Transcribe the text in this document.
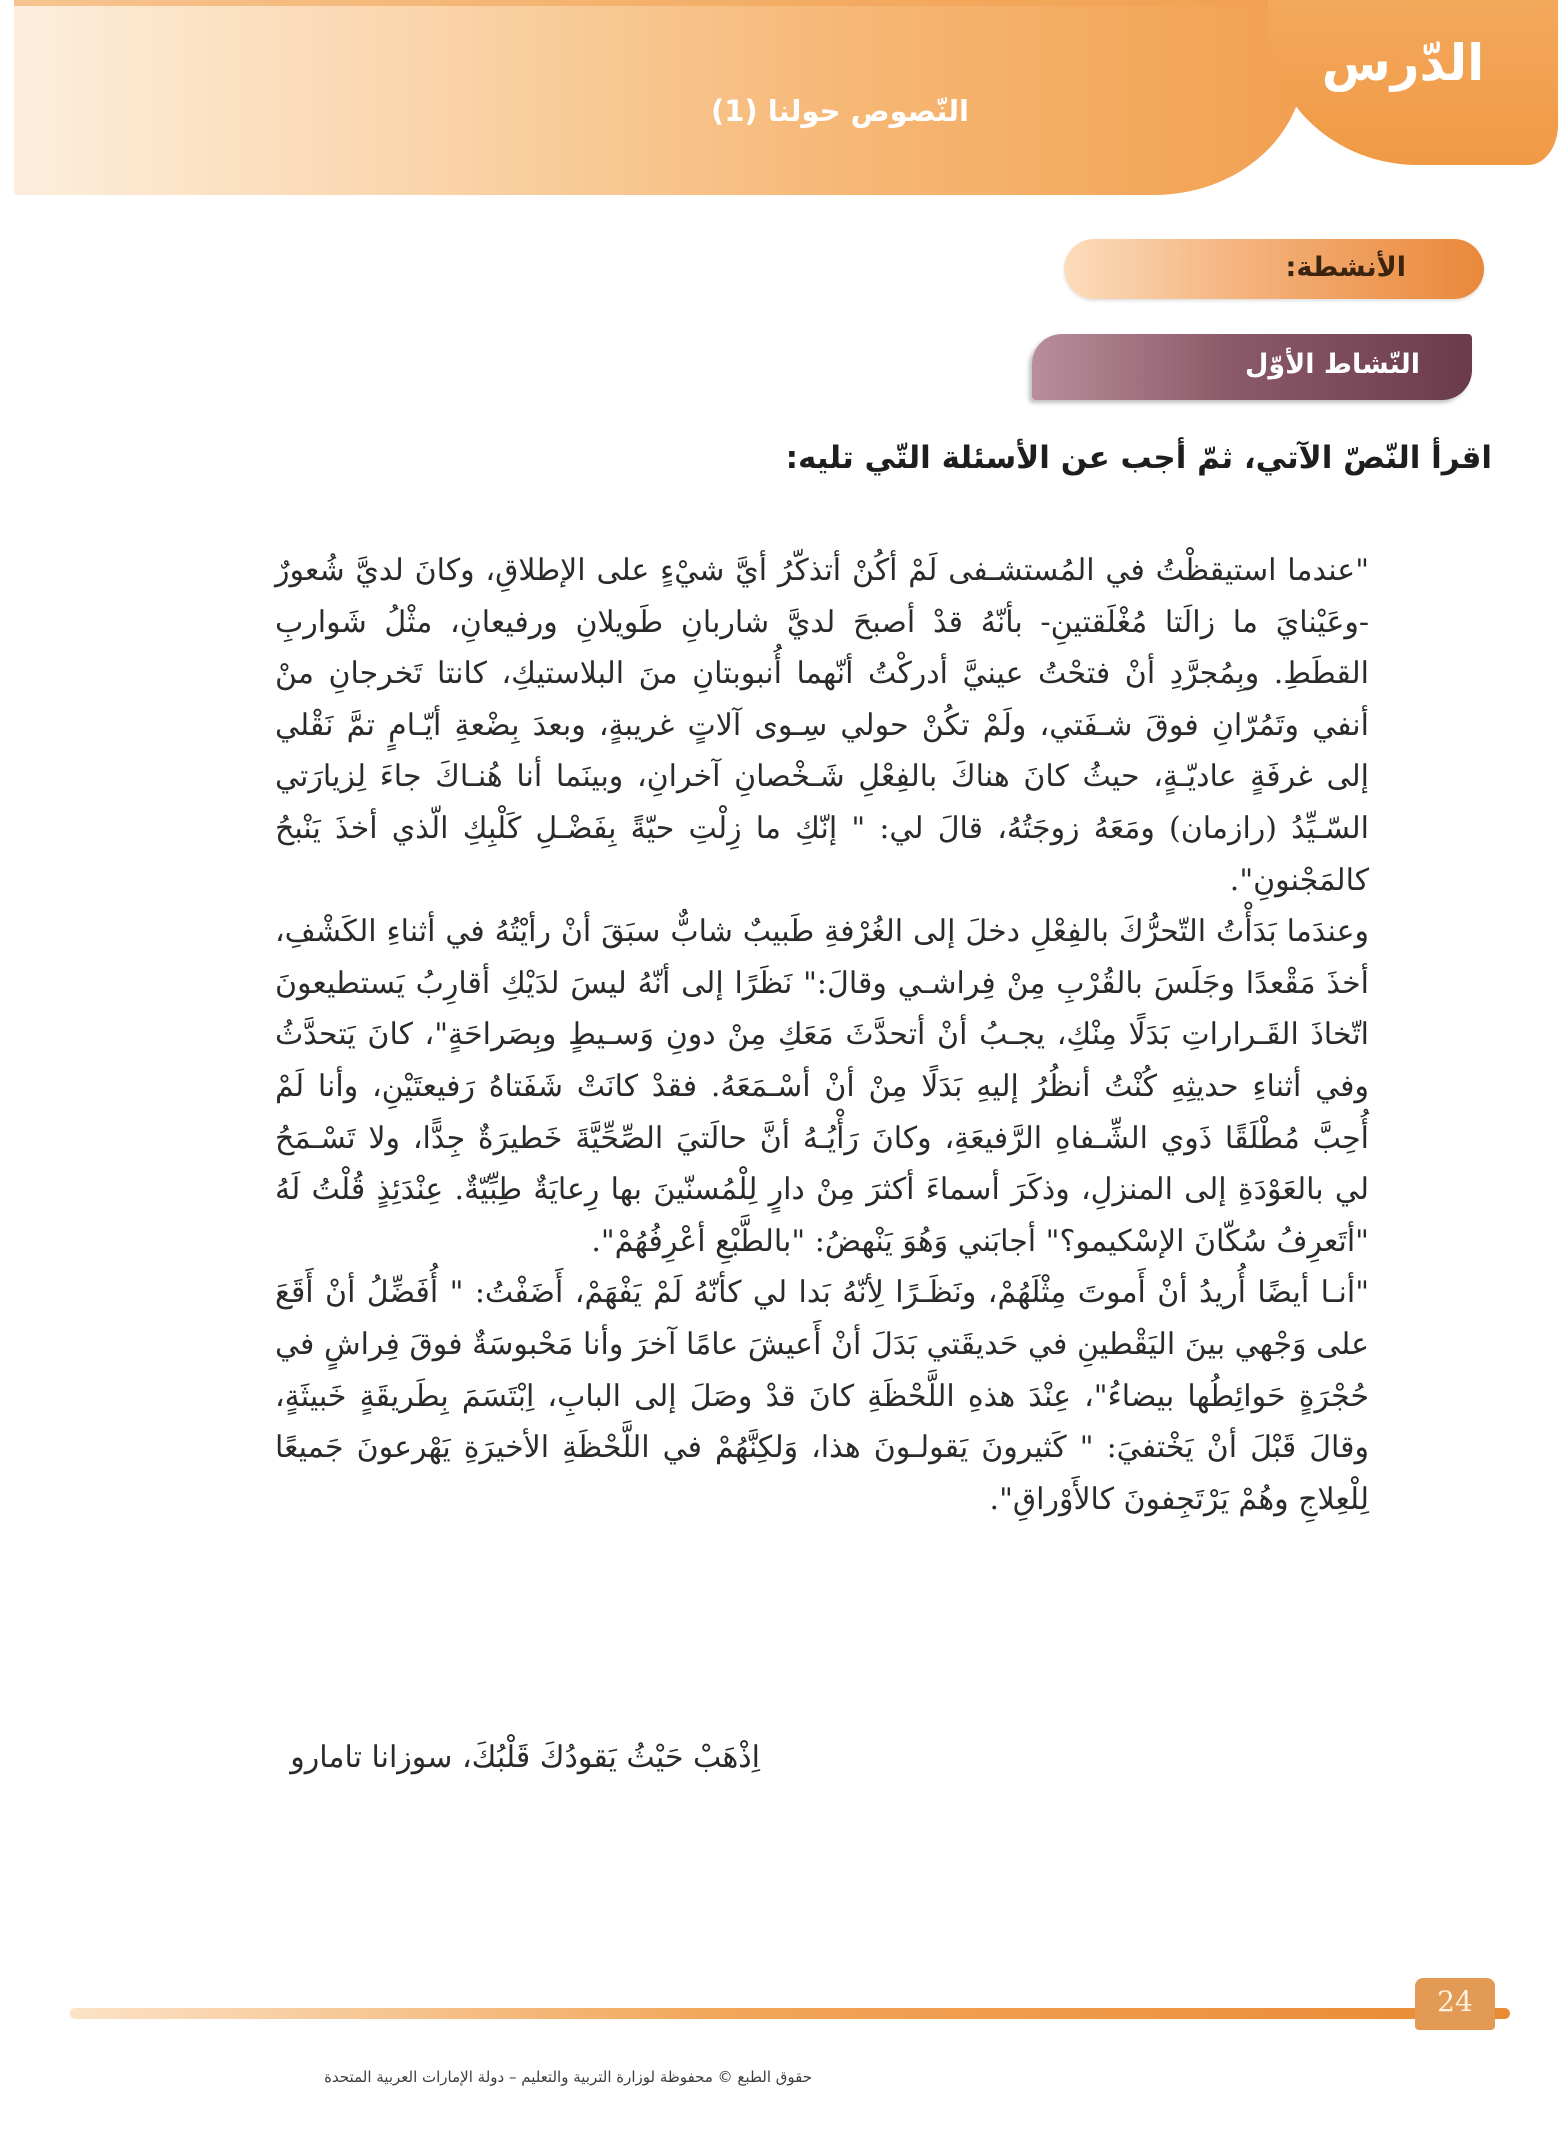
الدّرس
النّصوص حولنا (1)
الأنشطة:
النّشاط الأوّل
اقرأ النّصّ الآتي، ثمّ أجب عن الأسئلة التّي تليه:

"عندما استيقظْتُ في المُستشـفى لَمْ أكُنْ أتذكّرُ أيَّ شيْءٍ على الإطلاقِ، وكانَ لديَّ شُعورٌ -وعَيْنايَ ما زالَتا مُغْلَقتينِ- بأنّهُ قدْ أصبحَ لديَّ شاربانِ طَويلانِ ورفيعانِ، مثْلُ شَواربِ القطَطِ. وبِمُجرَّدِ أنْ فتحْتُ عينيَّ أدركْتُ أنّهما أُنبوبتانِ منَ البلاستيكِ، كانتا تَخرجانِ منْ أنفي وتَمُرّانِ فوقَ شـفَتي، ولَمْ تكُنْ حولي سِـوى آلاتٍ غريبةٍ، وبعدَ بِضْعةِ أيّـامٍ تمَّ نَقْلي إلى غرفَةٍ عاديّـةٍ، حيثُ كانَ هناكَ بالفِعْلِ شَـخْصانِ آخرانِ، وبينَما أنا هُنـاكَ جاءَ لِزيارَتي السّـيِّدُ (رازمان) ومَعَهُ زوجَتُهُ، قالَ لي: " إنّكِ ما زِلْتِ حيّةً بِفَضْـلِ كَلْبِكِ الّذي أخذَ يَنْبحُ كالمَجْنونِ".

وعندَما بَدَأْتُ التّحرُّكَ بالفِعْلِ دخلَ إلى الغُرْفةِ طَبيبٌ شابٌّ سبَقَ أنْ رأيْتُهُ في أثناءِ الكَشْفِ، أخذَ مَقْعدًا وجَلَسَ بالقُرْبِ مِنْ فِراشـي وقالَ:" نَظَرًا إلى أنّهُ ليسَ لدَيْكِ أقارِبُ يَستطيعونَ اتّخاذَ القَـراراتِ بَدَلًا مِنْكِ، يجـبُ أنْ أتحدَّثَ مَعَكِ مِنْ دونِ وَسـيطٍ وبِصَراحَةٍ"، كانَ يَتحدَّثُ وفي أثناءِ حديثِهِ كُنْتُ أنظُرُ إليهِ بَدَلًا مِنْ أنْ أسْـمَعَهُ. فقدْ كانَتْ شَفَتاهُ رَفيعتَيْنِ، وأنا لَمْ أُحِبَّ مُطْلَقًا ذَوي الشِّـفاهِ الرَّفيعَةِ، وكانَ رَأْيُـهُ أنَّ حالَتيَ الصِّحِّيَّةَ خَطيرَةٌ جِدًّا، ولا تَسْـمَحُ لي بالعَوْدَةِ إلى المنزلِ، وذكَرَ أسماءَ أكثرَ مِنْ دارٍ لِلْمُسنّينَ بها رِعايَةٌ طِبِّيّةٌ. عِنْدَئِذٍ قُلْتُ لَهُ "أتَعرِفُ سُكّانَ الإسْكيمو؟" أجابَني وَهُوَ يَنْهضُ: "بالطَّبْعِ أعْرِفُهُمْ".

"أنـا أيضًا أُريدُ أنْ أَموتَ مِثْلَهُمْ، ونَظَـرًا لِأنّهُ بَدا لي كأنّهُ لَمْ يَفْهَمْ، أَضَفْتُ: " أُفَضِّلُ أنْ أَقَعَ على وَجْهي بينَ اليَقْطينِ في حَديقَتي بَدَلَ أنْ أَعيشَ عامًا آخرَ وأنا مَحْبوسَةٌ فوقَ فِراشٍ في حُجْرَةٍ حَوائِطُها بيضاءُ"، عِنْدَ هذهِ اللَّحْظَةِ كانَ قدْ وصَلَ إلى البابِ، اِبْتَسَمَ بِطَريقَةٍ خَبيثَةٍ، وقالَ قَبْلَ أنْ يَخْتفيَ: " كَثيرونَ يَقولـونَ هذا، وَلكِنَّهُمْ في اللَّحْظَةِ الأخيرَةِ يَهْرعونَ جَميعًا لِلْعِلاجِ وهُمْ يَرْتَجِفونَ كالأَوْراقِ".

اِذْهَبْ حَيْثُ يَقودُكَ قَلْبُكَ، سوزانا تامارو
24
حقوق الطبع © محفوظة لوزارة التربية والتعليم – دولة الإمارات العربية المتحدة
